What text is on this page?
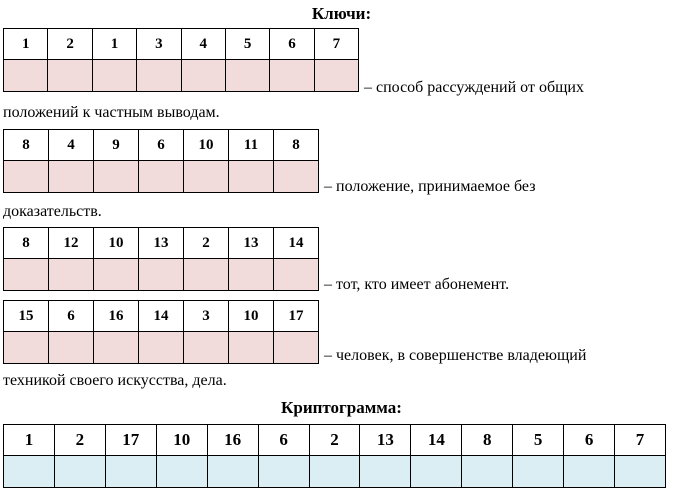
Ключи:
1	2	1	3	4	5	6	7

– способ рассуждений от общих
положений к частным выводам.
8	4	9	6	10	11	8

– положение, принимаемое без
доказательств.
8	12	10	13	2	13	14

– тот, кто имеет абонемент.
15	6	16	14	3	10	17

– человек, в совершенстве владеющий
техникой своего искусства, дела.
Криптограмма:
1	2	17	10	16	6	2	13	14	8	5	6	7
